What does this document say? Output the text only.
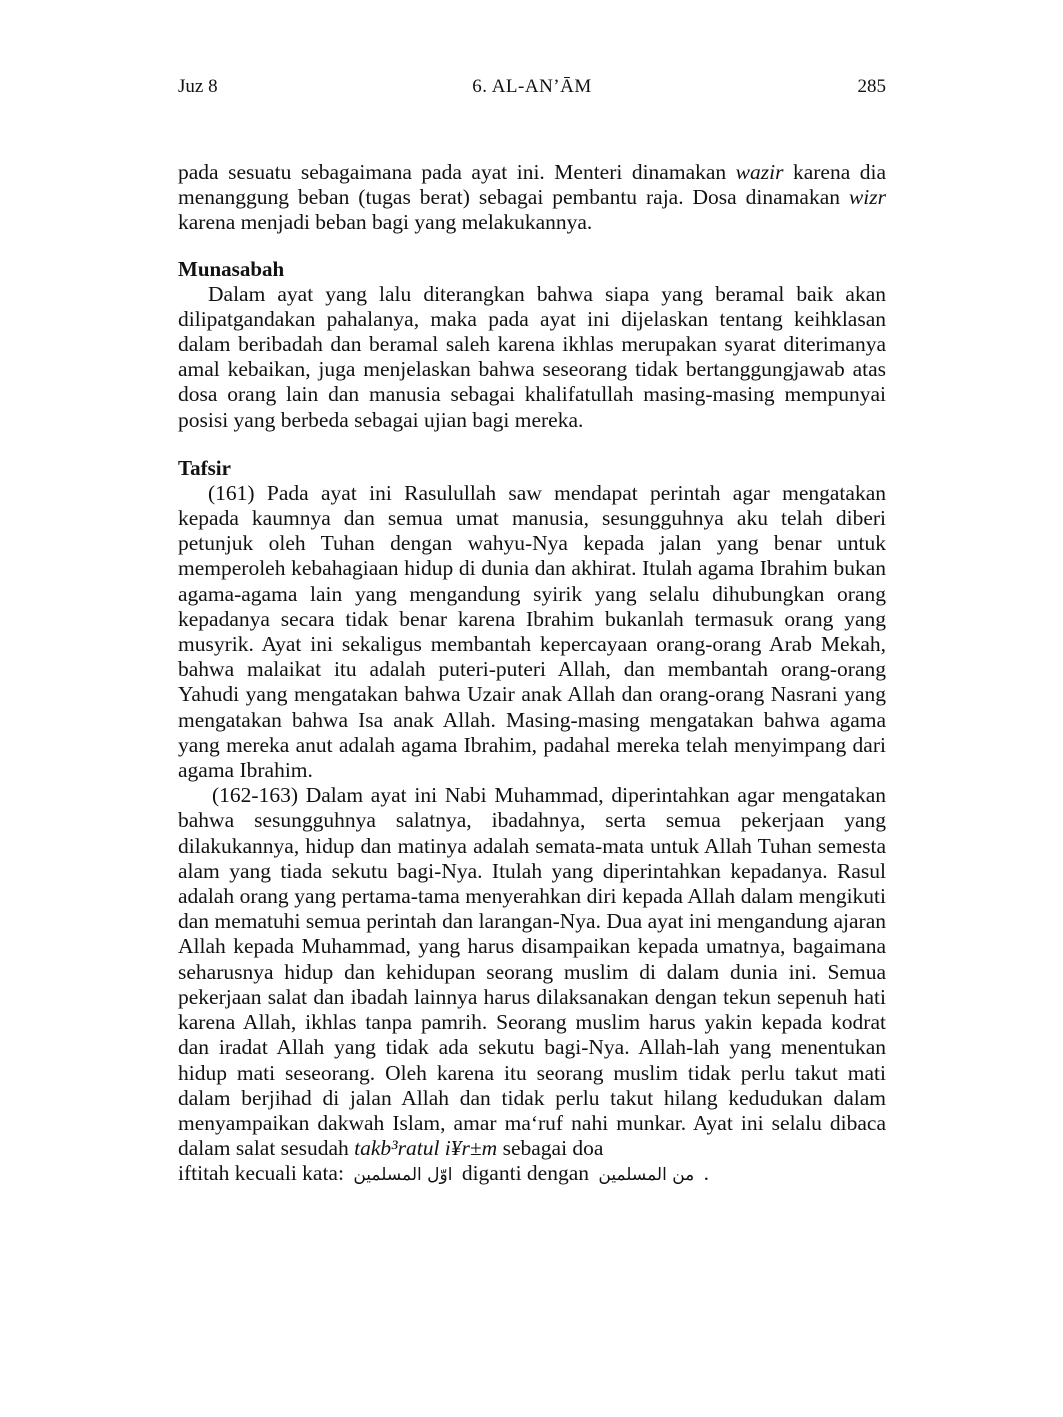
Juz 8	6. AL-AN’ĀM	285

pada sesuatu sebagaimana pada ayat ini. Menteri dinamakan wazir karena dia menanggung beban (tugas berat) sebagai pembantu raja. Dosa dinamakan wizr karena menjadi beban bagi yang melakukannya.

Munasabah

Dalam ayat yang lalu diterangkan bahwa siapa yang beramal baik akan dilipatgandakan pahalanya, maka pada ayat ini dijelaskan tentang keihklasan dalam beribadah dan beramal saleh karena ikhlas merupakan syarat diterimanya amal kebaikan, juga menjelaskan bahwa seseorang tidak bertanggungjawab atas dosa orang lain dan manusia sebagai khalifatullah masing-masing mempunyai posisi yang berbeda sebagai ujian bagi mereka.

Tafsir

(161) Pada ayat ini Rasulullah saw mendapat perintah agar mengatakan kepada kaumnya dan semua umat manusia, sesungguhnya aku telah diberi petunjuk oleh Tuhan dengan wahyu-Nya kepada jalan yang benar untuk memperoleh kebahagiaan hidup di dunia dan akhirat. Itulah agama Ibrahim bukan agama-agama lain yang mengandung syirik yang selalu dihubungkan orang kepadanya secara tidak benar karena Ibrahim bukanlah termasuk orang yang musyrik. Ayat ini sekaligus membantah kepercayaan orang-orang Arab Mekah, bahwa malaikat itu adalah puteri-puteri Allah, dan membantah orang-orang Yahudi yang mengatakan bahwa Uzair anak Allah dan orang-orang Nasrani yang mengatakan bahwa Isa anak Allah. Masing-masing mengatakan bahwa agama yang mereka anut adalah agama Ibrahim, padahal mereka telah menyimpang dari agama Ibrahim.

(162-163) Dalam ayat ini Nabi Muhammad, diperintahkan agar mengatakan bahwa sesungguhnya salatnya, ibadahnya, serta semua pekerjaan yang dilakukannya, hidup dan matinya adalah semata-mata untuk Allah Tuhan semesta alam yang tiada sekutu bagi-Nya. Itulah yang diperintahkan kepadanya. Rasul adalah orang yang pertama-tama menyerahkan diri kepada Allah dalam mengikuti dan mematuhi semua perintah dan larangan-Nya. Dua ayat ini mengandung ajaran Allah kepada Muhammad, yang harus disampaikan kepada umatnya, bagaimana seharusnya hidup dan kehidupan seorang muslim di dalam dunia ini. Semua pekerjaan salat dan ibadah lainnya harus dilaksanakan dengan tekun sepenuh hati karena Allah, ikhlas tanpa pamrih. Seorang muslim harus yakin kepada kodrat dan iradat Allah yang tidak ada sekutu bagi-Nya. Allah-lah yang menentukan hidup mati seseorang. Oleh karena itu seorang muslim tidak perlu takut mati dalam berjihad di jalan Allah dan tidak perlu takut hilang kedudukan dalam menyampaikan dakwah Islam, amar ma‘ruf nahi munkar. Ayat ini selalu dibaca dalam salat sesudah takb³ratul i¥r±m sebagai doa

iftitah kecuali kata: اوّل المسلمين diganti dengan من المسلمين .
